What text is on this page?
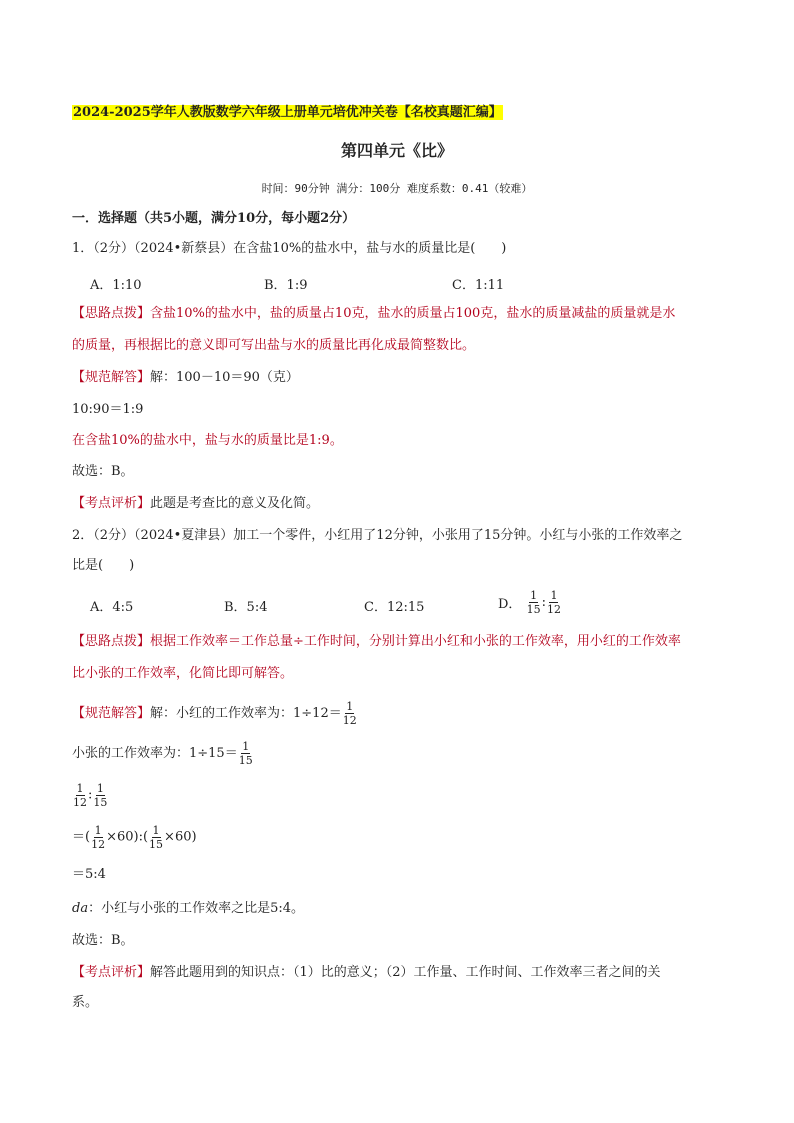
2024-2025学年人教版数学六年级上册单元培优冲关卷【名校真题汇编】
第四单元《比》
时间：90分钟 满分：100分 难度系数：0.41（较难）
一．选择题（共5小题，满分10分，每小题2分）
1．（2分）（2024•新蔡县）在含盐10%的盐水中，盐与水的质量比是(　　)
A．1:10	B．1:9	C．1:11
【思路点拨】含盐10%的盐水中，盐的质量占10克，盐水的质量占100克，盐水的质量减盐的质量就是水
的质量，再根据比的意义即可写出盐与水的质量比再化成最简整数比。
【规范解答】解：100－10＝90（克）
10:90＝1:9
在含盐10%的盐水中，盐与水的质量比是1:9。
故选：B。
【考点评析】此题是考查比的意义及化简。
2．（2分）（2024•夏津县）加工一个零件，小红用了12分钟，小张用了15分钟。小红与小张的工作效率之
比是(　　)
A．4:5	B．5:4	C．12:15	D． $\frac{1}{15}$ : $\frac{1}{12}$
【思路点拨】根据工作效率＝工作总量÷工作时间，分别计算出小红和小张的工作效率，用小红的工作效率
比小张的工作效率，化简比即可解答。
【规范解答】解：小红的工作效率为：$1\div 12= \frac{1}{12}$
小张的工作效率为：$1\div 15= \frac{1}{15}$
$\frac{1}{12}$ : $\frac{1}{15}$
＝( $\frac{1}{12}$ ×60):( $\frac{1}{15} \times 60$)
＝5:4
da：小红与小张的工作效率之比是5:4。
故选：B。
【考点评析】解答此题用到的知识点：（1）比的意义；（2）工作量、工作时间、工作效率三者之间的关
系。
